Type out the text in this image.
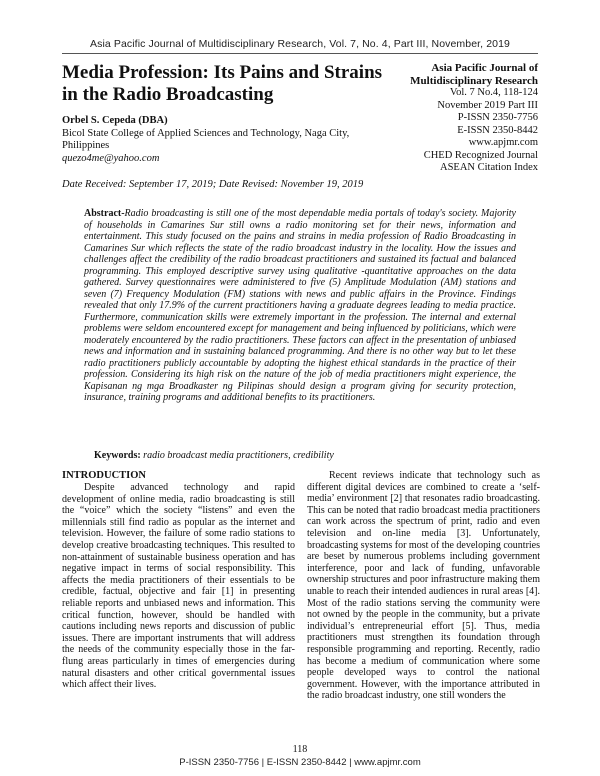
Asia Pacific Journal of Multidisciplinary Research, Vol. 7, No. 4, Part III, November, 2019
Media Profession: Its Pains and Strains in the Radio Broadcasting
Asia Pacific Journal of
Multidisciplinary Research
Vol. 7 No.4, 118-124
November 2019 Part III
P-ISSN 2350-7756
E-ISSN 2350-8442
www.apjmr.com
CHED Recognized Journal
ASEAN Citation Index
Orbel S. Cepeda (DBA)
Bicol State College of Applied Sciences and Technology, Naga City, Philippines
quezo4me@yahoo.com
Date Received: September 17, 2019; Date Revised: November 19, 2019
Abstract-Radio broadcasting is still one of the most dependable media portals of today's society. Majority of households in Camarines Sur still owns a radio monitoring set for their news, information and entertainment. This study focused on the pains and strains in media profession of Radio Broadcasting in Camarines Sur which reflects the state of the radio broadcast industry in the locality. How the issues and challenges affect the credibility of the radio broadcast practitioners and sustained its factual and balanced programming. This employed descriptive survey using qualitative -quantitative approaches on the data gathered. Survey questionnaires were administered to five (5) Amplitude Modulation (AM) stations and seven (7) Frequency Modulation (FM) stations with news and public affairs in the Province. Findings revealed that only 17.9% of the current practitioners having a graduate degrees leading to media practice. Furthermore, communication skills were extremely important in the profession. The internal and external problems were seldom encountered except for management and being influenced by politicians, which were moderately encountered by the radio practitioners. These factors can affect in the presentation of unbiased news and information and in sustaining balanced programming. And there is no other way but to let these radio practitioners publicly accountable by adopting the highest ethical standards in the practice of their profession. Considering its high risk on the nature of the job of media practitioners might experience, the Kapisanan ng mga Broadkaster ng Pilipinas should design a program giving for security protection, insurance, training programs and additional benefits to its practitioners.
Keywords: radio broadcast media practitioners, credibility
INTRODUCTION

Despite advanced technology and rapid development of online media, radio broadcasting is still the “voice” which the society “listens” and even the millennials still find radio as popular as the internet and television. However, the failure of some radio stations to develop creative broadcasting techniques. This resulted to non-attainment of sustainable business operation and has negative impact in terms of social responsibility. This affects the media practitioners of their essentials to be credible, factual, objective and fair [1] in presenting reliable reports and unbiased news and information. This critical function, however, should be handled with cautions including news reports and discussion of public issues. There are important instruments that will address the needs of the community especially those in the far-flung areas particularly in times of emergencies during natural disasters and other critical governmental issues which affect their lives.

Recent reviews indicate that technology such as different digital devices are combined to create a ‘self-media’ environment [2] that resonates radio broadcasting. This can be noted that radio broadcast media practitioners can work across the spectrum of print, radio and even television and on-line media [3]. Unfortunately, broadcasting systems for most of the developing countries are beset by numerous problems including government interference, poor and lack of funding, unfavorable ownership structures and poor infrastructure making them unable to reach their intended audiences in rural areas [4]. Most of the radio stations serving the community were not owned by the people in the community, but a private individual’s entrepreneurial effort [5]. Thus, media practitioners must strengthen its foundation through responsible programming and reporting. Recently, radio has become a medium of communication where some people developed ways to control the national government. However, with the importance attributed in the radio broadcast industry, one still wonders the

118
P-ISSN 2350-7756 | E-ISSN 2350-8442 | www.apjmr.com
